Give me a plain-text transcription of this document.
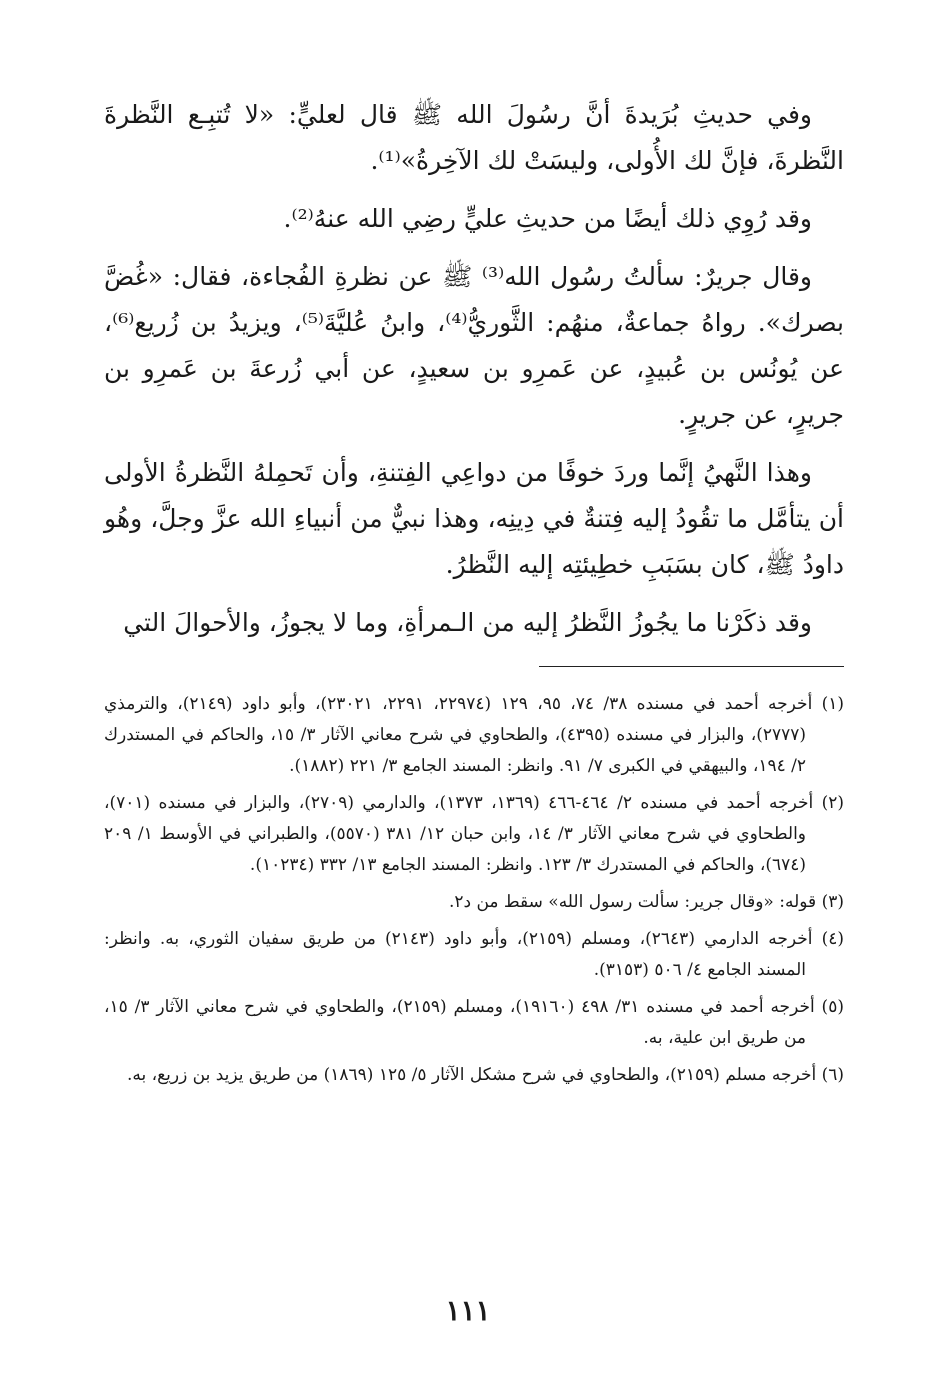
وفي حديثِ بُرَيدةَ أنَّ رسُولَ الله ﷺ قال لعليٍّ: «لا تُتبِـع النَّظرةَ النَّظرةَ، فإنَّ لك الأُولى، وليسَتْ لك الآخِرةُ»⁽¹⁾.

وقد رُوِي ذلك أيضًا من حديثِ عليٍّ رضِي الله عنهُ⁽²⁾.

وقال جريرٌ: سألتُ رسُول الله⁽³⁾ ﷺ عن نظرةِ الفُجاءة، فقال: «غُضَّ بصرك». رواهُ جماعةٌ، منهُم: الثَّوريُّ⁽⁴⁾، وابنُ عُليَّةَ⁽⁵⁾، ويزيدُ بن زُريع⁽⁶⁾، عن يُونُس بن عُبيدٍ، عن عَمرِو بن سعيدٍ، عن أبي زُرعةَ بن عَمرِو بن جريرٍ، عن جريرٍ.

وهذا النَّهيُ إنَّما وردَ خوفًا من دواعِي الفِتنةِ، وأن تَحمِلهُ النَّظرةُ الأولى أن يتأمَّل ما تقُودُ إليه فِتنةٌ في دِينِه، وهذا نبيٌّ من أنبياءِ الله عزَّ وجلَّ، وهُو داودُ ﷺ، كان بسَبَبِ خطِيئتِه إليه النَّظرُ.

وقد ذكَرْنا ما يجُوزُ النَّظرُ إليه من الـمرأةِ، وما لا يجوزُ، والأحوالَ التي

(١) أخرجه أحمد في مسنده ٣٨/ ٧٤، ٩٥، ١٢٩ (٢٢٩٧٤، ٢٢٩١، ٢٣٠٢١)، وأبو داود (٢١٤٩)، والترمذي (٢٧٧٧)، والبزار في مسنده (٤٣٩٥)، والطحاوي في شرح معاني الآثار ٣/ ١٥، والحاكم في المستدرك ٢/ ١٩٤، والبيهقي في الكبرى ٧/ ٩١. وانظر: المسند الجامع ٣/ ٢٢١ (١٨٨٢).

(٢) أخرجه أحمد في مسنده ٢/ ٤٦٤-٤٦٦ (١٣٦٩، ١٣٧٣)، والدارمي (٢٧٠٩)، والبزار في مسنده (٧٠١)، والطحاوي في شرح معاني الآثار ٣/ ١٤، وابن حبان ١٢/ ٣٨١ (٥٥٧٠)، والطبراني في الأوسط ١/ ٢٠٩ (٦٧٤)، والحاكم في المستدرك ٣/ ١٢٣. وانظر: المسند الجامع ١٣/ ٣٣٢ (١٠٢٣٤).

(٣) قوله: «وقال جرير: سألت رسول الله» سقط من د٢.

(٤) أخرجه الدارمي (٢٦٤٣)، ومسلم (٢١٥٩)، وأبو داود (٢١٤٣) من طريق سفيان الثوري، به. وانظر: المسند الجامع ٤/ ٥٠٦ (٣١٥٣).

(٥) أخرجه أحمد في مسنده ٣١/ ٤٩٨ (١٩١٦٠)، ومسلم (٢١٥٩)، والطحاوي في شرح معاني الآثار ٣/ ١٥، من طريق ابن علية، به.

(٦) أخرجه مسلم (٢١٥٩)، والطحاوي في شرح مشكل الآثار ٥/ ١٢٥ (١٨٦٩) من طريق يزيد بن زريع، به.

١١١
